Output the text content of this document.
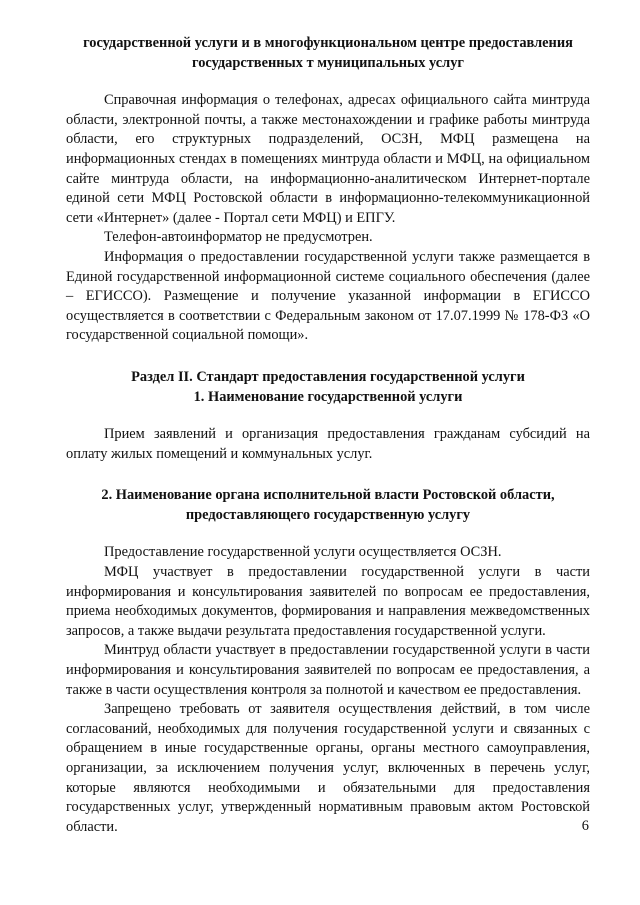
государственной услуги и в многофункциональном центре предоставления
государственных т муниципальных услуг

Справочная информация о телефонах, адресах официального сайта минтруда области, электронной почты, а также местонахождении и графике работы минтруда области, его структурных подразделений, ОСЗН, МФЦ размещена на информационных стендах в помещениях минтруда области и МФЦ, на официальном сайте минтруда области, на информационно-аналитическом Интернет-портале единой сети МФЦ Ростовской области в информационно-телекоммуникационной сети «Интернет» (далее - Портал сети МФЦ) и ЕПГУ.

Телефон-автоинформатор не предусмотрен.

Информация о предоставлении государственной услуги также размещается в Единой государственной информационной системе социального обеспечения (далее – ЕГИССО). Размещение и получение указанной информации в ЕГИССО осуществляется в соответствии с Федеральным законом от 17.07.1999 № 178-ФЗ «О государственной социальной помощи».

Раздел II. Стандарт предоставления государственной услуги
1. Наименование государственной услуги

Прием заявлений и организация предоставления гражданам субсидий на оплату жилых помещений и коммунальных услуг.

2. Наименование органа исполнительной власти Ростовской области,
предоставляющего государственную услугу

Предоставление государственной услуги осуществляется ОСЗН.

МФЦ участвует в предоставлении государственной услуги в части информирования и консультирования заявителей по вопросам ее предоставления, приема необходимых документов, формирования и направления межведомственных запросов, а также выдачи результата предоставления государственной услуги.

Минтруд области участвует в предоставлении государственной услуги в части информирования и консультирования заявителей по вопросам ее предоставления, а также в части осуществления контроля за полнотой и качеством ее предоставления.

Запрещено требовать от заявителя осуществления действий, в том числе согласований, необходимых для получения государственной услуги и связанных с обращением в иные государственные органы, органы местного самоуправления, организации, за исключением получения услуг, включенных в перечень услуг, которые являются необходимыми и обязательными для предоставления государственных услуг, утвержденный нормативным правовым актом Ростовской области.	6
